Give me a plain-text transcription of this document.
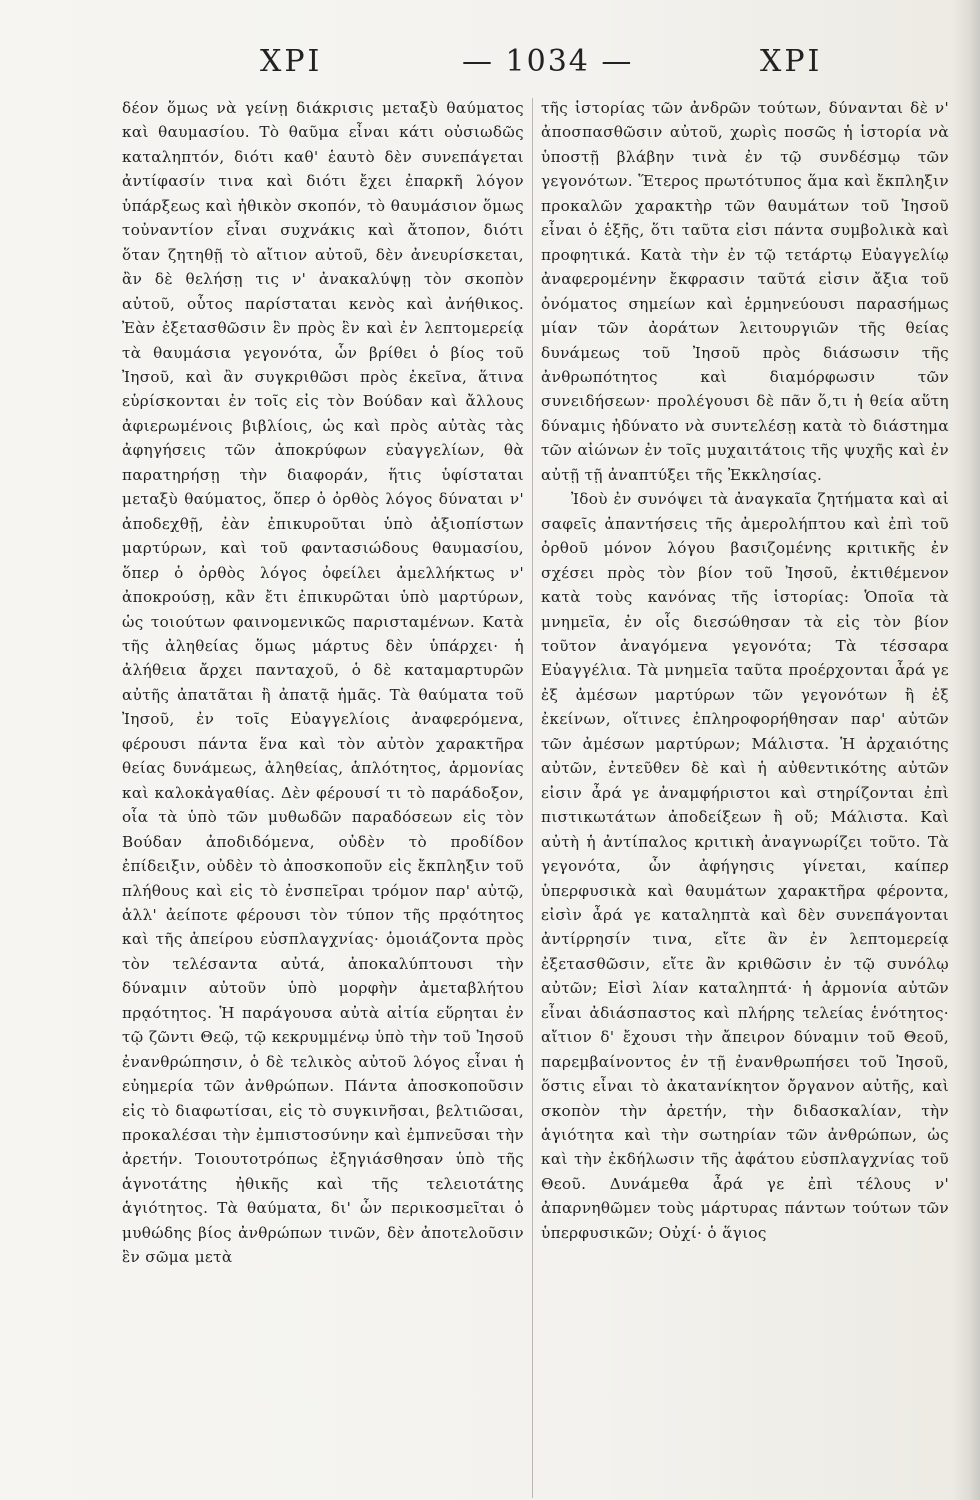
ΧΡΙ	— 1034 —	ΧΡΙ

δέον ὅμως νὰ γείνῃ διάκρισις μεταξὺ θαύματος καὶ θαυμασίου. Τὸ θαῦμα εἶναι κάτι οὐσιωδῶς καταληπτόν, διότι καθ' ἑαυτὸ δὲν συνεπάγεται ἀντίφασίν τινα καὶ διότι ἔχει ἐπαρκῆ λόγον ὑπάρξεως καὶ ἠθικὸν σκοπόν, τὸ θαυμάσιον ὅμως τοὐναντίον εἶναι συχνάκις καὶ ἄτοπον, διότι ὅταν ζητηθῇ τὸ αἴτιον αὐτοῦ, δὲν ἀνευρίσκεται, ἂν δὲ θελήσῃ τις ν' ἀνακαλύψῃ τὸν σκοπὸν αὐτοῦ, οὗτος παρίσταται κενὸς καὶ ἀνήθικος. Ἐὰν ἐξετασθῶσιν ἓν πρὸς ἓν καὶ ἐν λεπτομερείᾳ τὰ θαυμάσια γεγονότα, ὧν βρίθει ὁ βίος τοῦ Ἰησοῦ, καὶ ἂν συγκριθῶσι πρὸς ἐκεῖνα, ἅτινα εὑρίσκονται ἐν τοῖς εἰς τὸν Βούδαν καὶ ἄλλους ἀφιερωμένοις βιβλίοις, ὡς καὶ πρὸς αὐτὰς τὰς ἀφηγήσεις τῶν ἀποκρύφων εὐαγγελίων, θὰ παρατηρήσῃ τὴν διαφοράν, ἥτις ὑφίσταται μεταξὺ θαύματος, ὅπερ ὁ ὀρθὸς λόγος δύναται ν' ἀποδεχθῇ, ἐὰν ἐπικυροῦται ὑπὸ ἀξιοπίστων μαρτύρων, καὶ τοῦ φαντασιώδους θαυμασίου, ὅπερ ὁ ὀρθὸς λόγος ὀφείλει ἀμελλήκτως ν' ἀποκρούσῃ, κἂν ἔτι ἐπικυρῶται ὑπὸ μαρτύρων, ὡς τοιούτων φαινομενικῶς παρισταμένων. Κατὰ τῆς ἀληθείας ὅμως μάρτυς δὲν ὑπάρχει· ἡ ἀλήθεια ἄρχει πανταχοῦ, ὁ δὲ καταμαρτυρῶν αὐτῆς ἀπατᾶται ἢ ἀπατᾷ ἡμᾶς. Τὰ θαύματα τοῦ Ἰησοῦ, ἐν τοῖς Εὐαγγελίοις ἀναφερόμενα, φέρουσι πάντα ἕνα καὶ τὸν αὐτὸν χαρακτῆρα θείας δυνάμεως, ἀληθείας, ἁπλότητος, ἁρμονίας καὶ καλοκἀγαθίας. Δὲν φέρουσί τι τὸ παράδοξον, οἷα τὰ ὑπὸ τῶν μυθωδῶν παραδόσεων εἰς τὸν Βούδαν ἀποδιδόμενα, οὐδὲν τὸ προδίδον ἐπίδειξιν, οὐδὲν τὸ ἀποσκοποῦν εἰς ἔκπληξιν τοῦ πλήθους καὶ εἰς τὸ ἐνσπεῖραι τρόμον παρ' αὐτῷ, ἀλλ' ἀείποτε φέρουσι τὸν τύπον τῆς πρᾳότητος καὶ τῆς ἀπείρου εὐσπλαγχνίας· ὁμοιάζοντα πρὸς τὸν τελέσαντα αὐτά, ἀποκαλύπτουσι τὴν δύναμιν αὐτοῦν ὑπὸ μορφὴν ἀμεταβλήτου πρᾳότητος. Ἡ παράγουσα αὐτὰ αἰτία εὕρηται ἐν τῷ ζῶντι Θεῷ, τῷ κεκρυμμένῳ ὑπὸ τὴν τοῦ Ἰησοῦ ἐνανθρώπησιν, ὁ δὲ τελικὸς αὐτοῦ λόγος εἶναι ἡ εὐημερία τῶν ἀνθρώπων. Πάντα ἀποσκοποῦσιν εἰς τὸ διαφωτίσαι, εἰς τὸ συγκινῆσαι, βελτιῶσαι, προκαλέσαι τὴν ἐμπιστοσύνην καὶ ἐμπνεῦσαι τὴν ἀρετήν. Τοιουτοτρόπως ἐξηγιάσθησαν ὑπὸ τῆς ἁγνοτάτης ἠθικῆς καὶ τῆς τελειοτάτης ἁγιότητος. Τὰ θαύματα, δι' ὧν περικοσμεῖται ὁ μυθώδης βίος ἀνθρώπων τινῶν, δὲν ἀποτελοῦσιν ἓν σῶμα μετὰ

τῆς ἱστορίας τῶν ἀνδρῶν τούτων, δύνανται δὲ ν' ἀποσπασθῶσιν αὐτοῦ, χωρὶς ποσῶς ἡ ἱστορία νὰ ὑποστῇ βλάβην τινὰ ἐν τῷ συνδέσμῳ τῶν γεγονότων. Ἕτερος πρωτότυπος ἅμα καὶ ἔκπληξιν προκαλῶν χαρακτὴρ τῶν θαυμάτων τοῦ Ἰησοῦ εἶναι ὁ ἑξῆς, ὅτι ταῦτα εἰσι πάντα συμβολικὰ καὶ προφητικά. Κατὰ τὴν ἐν τῷ τετάρτῳ Εὐαγγελίῳ ἀναφερομένην ἔκφρασιν ταῦτά εἰσιν ἄξια τοῦ ὀνόματος σημείων καὶ ἑρμηνεύουσι παρασήμως μίαν τῶν ἀοράτων λειτουργιῶν τῆς θείας δυνάμεως τοῦ Ἰησοῦ πρὸς διάσωσιν τῆς ἀνθρωπότητος καὶ διαμόρφωσιν τῶν συνειδήσεων· προλέγουσι δὲ πᾶν ὅ,τι ἡ θεία αὕτη δύναμις ἠδύνατο νὰ συντελέσῃ κατὰ τὸ διάστημα τῶν αἰώνων ἐν τοῖς μυχαιτάτοις τῆς ψυχῆς καὶ ἐν αὐτῇ τῇ ἀναπτύξει τῆς Ἐκκλησίας.

Ἰδοὺ ἐν συνόψει τὰ ἀναγκαῖα ζητήματα καὶ αἱ σαφεῖς ἀπαντήσεις τῆς ἀμερολήπτου καὶ ἐπὶ τοῦ ὀρθοῦ μόνον λόγου βασιζομένης κριτικῆς ἐν σχέσει πρὸς τὸν βίον τοῦ Ἰησοῦ, ἐκτιθέμενον κατὰ τοὺς κανόνας τῆς ἱστορίας: Ὁποῖα τὰ μνημεῖα, ἐν οἷς διεσώθησαν τὰ εἰς τὸν βίον τοῦτον ἀναγόμενα γεγονότα; Τὰ τέσσαρα Εὐαγγέλια. Τὰ μνημεῖα ταῦτα προέρχονται ἆρά γε ἐξ ἀμέσων μαρτύρων τῶν γεγονότων ἢ ἐξ ἐκείνων, οἵτινες ἐπληροφορήθησαν παρ' αὐτῶν τῶν ἀμέσων μαρτύρων; Μάλιστα. Ἡ ἀρχαιότης αὐτῶν, ἐντεῦθεν δὲ καὶ ἡ αὐθεντικότης αὐτῶν εἰσιν ἆρά γε ἀναμφήριστοι καὶ στηρίζονται ἐπὶ πιστικωτάτων ἀποδείξεων ἢ οὔ; Μάλιστα. Καὶ αὐτὴ ἡ ἀντίπαλος κριτικὴ ἀναγνωρίζει τοῦτο. Τὰ γεγονότα, ὧν ἀφήγησις γίνεται, καίπερ ὑπερφυσικὰ καὶ θαυμάτων χαρακτῆρα φέροντα, εἰσὶν ἆρά γε καταληπτὰ καὶ δὲν συνεπάγονται ἀντίρρησίν τινα, εἴτε ἂν ἐν λεπτομερείᾳ ἐξετασθῶσιν, εἴτε ἂν κριθῶσιν ἐν τῷ συνόλῳ αὐτῶν; Εἰσὶ λίαν καταληπτά· ἡ ἁρμονία αὐτῶν εἶναι ἀδιάσπαστος καὶ πλήρης τελείας ἑνότητος· αἴτιον δ' ἔχουσι τὴν ἄπειρον δύναμιν τοῦ Θεοῦ, παρεμβαίνοντος ἐν τῇ ἐνανθρωπήσει τοῦ Ἰησοῦ, ὅστις εἶναι τὸ ἀκατανίκητον ὄργανον αὐτῆς, καὶ σκοπὸν τὴν ἀρετήν, τὴν διδασκαλίαν, τὴν ἁγιότητα καὶ τὴν σωτηρίαν τῶν ἀνθρώπων, ὡς καὶ τὴν ἐκδήλωσιν τῆς ἀφάτου εὐσπλαγχνίας τοῦ Θεοῦ. Δυνάμεθα ἆρά γε ἐπὶ τέλους ν' ἀπαρνηθῶμεν τοὺς μάρτυρας πάντων τούτων τῶν ὑπερφυσικῶν; Οὐχί· ὁ ἅγιος
